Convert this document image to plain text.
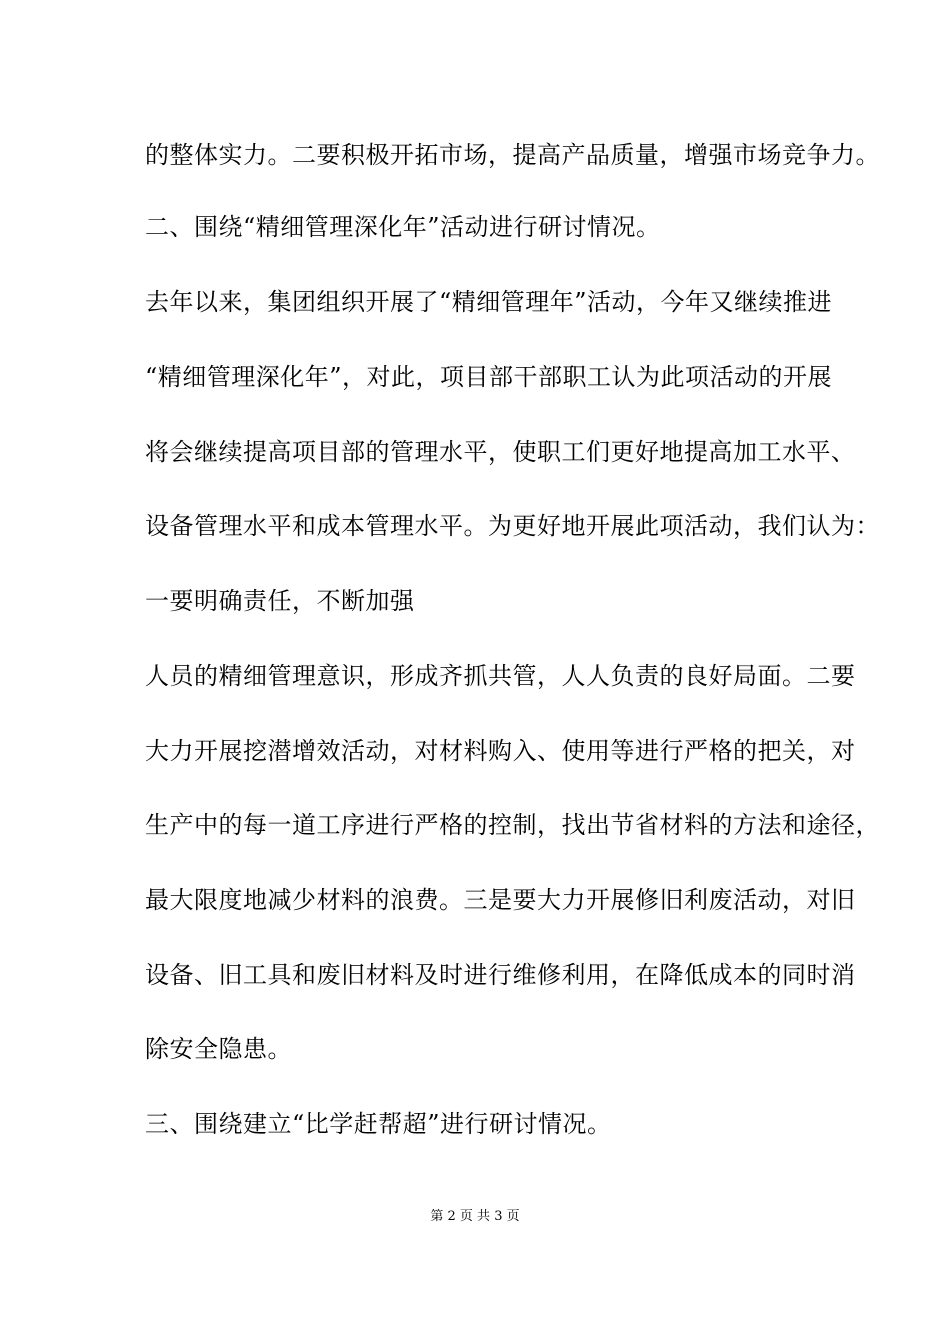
的整体实力。二要积极开拓市场，提高产品质量，增强市场竞争力。
二、围绕“精细管理深化年”活动进行研讨情况。
去年以来，集团组织开展了“精细管理年”活动，今年又继续推进
“精细管理深化年”，对此，项目部干部职工认为此项活动的开展
将会继续提高项目部的管理水平，使职工们更好地提高加工水平、
设备管理水平和成本管理水平。为更好地开展此项活动，我们认为：
一要明确责任，不断加强
人员的精细管理意识，形成齐抓共管，人人负责的良好局面。二要
大力开展挖潜增效活动，对材料购入、使用等进行严格的把关，对
生产中的每一道工序进行严格的控制，找出节省材料的方法和途径，
最大限度地减少材料的浪费。三是要大力开展修旧利废活动，对旧
设备、旧工具和废旧材料及时进行维修利用，在降低成本的同时消
除安全隐患。
三、围绕建立“比学赶帮超”进行研讨情况。
第 2 页 共 3 页
